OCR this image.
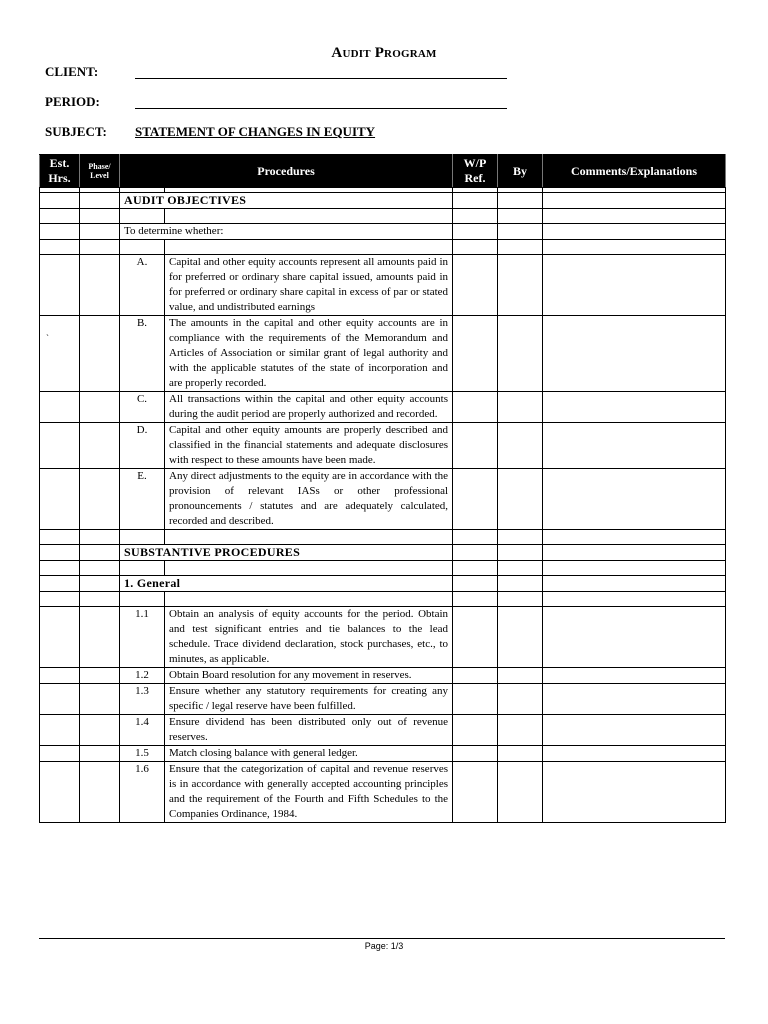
Audit Program
CLIENT:
PERIOD:
SUBJECT:	STATEMENT OF CHANGES IN EQUITY
`
Est. Hrs.	Phase/ Level	Procedures		W/P Ref.	By	Comments/Explanations

		AUDIT OBJECTIVES				

		To determine whether:				

		A.	Capital and other equity accounts represent all amounts paid in for preferred or ordinary share capital issued, amounts paid in for preferred or ordinary share capital in excess of par or stated value, and undistributed earnings			
		B.	The amounts in the capital and other equity accounts are in compliance with the requirements of the Memorandum and Articles of Association or similar grant of legal authority and with the applicable statutes of the state of incorporation and are properly recorded.			
		C.	All transactions within the capital and other equity accounts during the audit period are properly authorized and recorded.			
		D.	Capital and other equity amounts are properly described and classified in the financial statements and adequate disclosures with respect to these amounts have been made.			
		E.	Any direct adjustments to the equity are in accordance with the provision of relevant IASs or other professional pronouncements / statutes and are adequately calculated, recorded and described.			

		SUBSTANTIVE PROCEDURES				

		1. General				

		1.1	Obtain an analysis of equity accounts for the period. Obtain and test significant entries and tie balances to the lead schedule. Trace dividend declaration, stock purchases, etc., to minutes, as applicable.			
		1.2	Obtain Board resolution for any movement in reserves.			
		1.3	Ensure whether any statutory requirements for creating any specific / legal reserve have been fulfilled.			
		1.4	Ensure dividend has been distributed only out of revenue reserves.			
		1.5	Match closing balance with general ledger.			
		1.6	Ensure that the categorization of capital and revenue reserves is in accordance with generally accepted accounting principles and the requirement of the Fourth and Fifth Schedules to the Companies Ordinance, 1984.			
Page: 1/3
